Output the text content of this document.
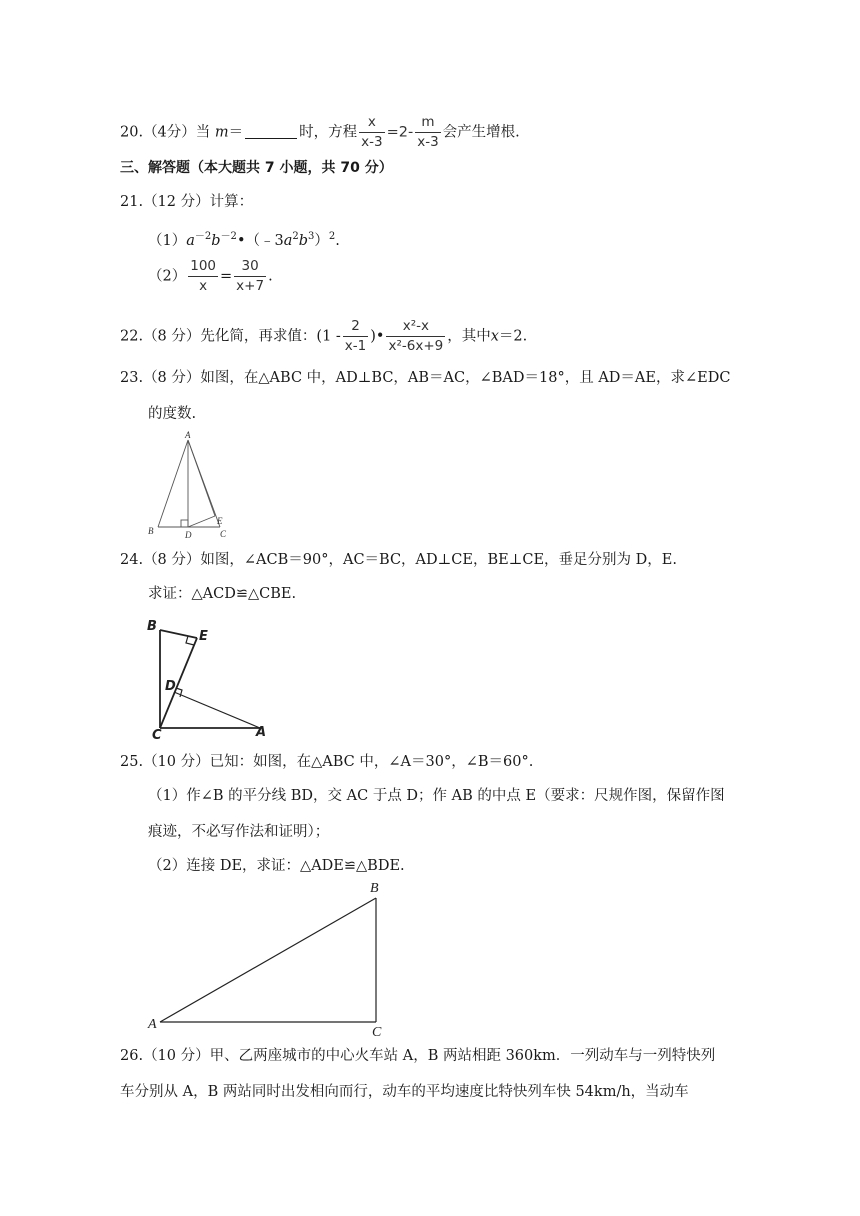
20.（4分）当 m＝	时，方程 $\frac{x}{x-3} =2- \frac{m}{x-3}$ 会产生增根.
三、解答题（本大题共 7 小题，共 70 分）
21.（12 分）计算：
$(1)a^{-2}b^{-2}•(﹣3a^2b^3)^2$.
$(2) \frac{100}{x} = \frac{30}{x+7}$ .
22.（8 分）先化简，再求值：($1 - \frac{2}{x-1}$ )• $\frac{\text{x²-x}}{\text{x²-6x+9}}$ ，其中x＝2.
23.（8 分）如图，在△ABC 中，AD⊥BC，AB＝AC，∠BAD＝18°，且 AD＝AE，求∠EDC
的度数.
A
B	D
E
C
24.（8 分）如图，∠ACB＝90°，AC＝BC，AD⊥CE，BE⊥CE，垂足分别为 D，E.
求证：△ACD≌△CBE.
B
E
D
C	A
25.（10 分）已知：如图，在△ABC 中，∠A＝30°，∠B＝60°.
（1）作∠B 的平分线 BD，交 AC 于点 D；作 AB 的中点 E（要求：尺规作图，保留作图
痕迹，不必写作法和证明）；
（2）连接 DE，求证：△ADE≌△BDE.
A
B
C
26.（10 分）甲、乙两座城市的中心火车站 A，B 两站相距 360km．一列动车与一列特快列
车分别从 A，B 两站同时出发相向而行，动车的平均速度比特快列车快 54km/h，当动车
